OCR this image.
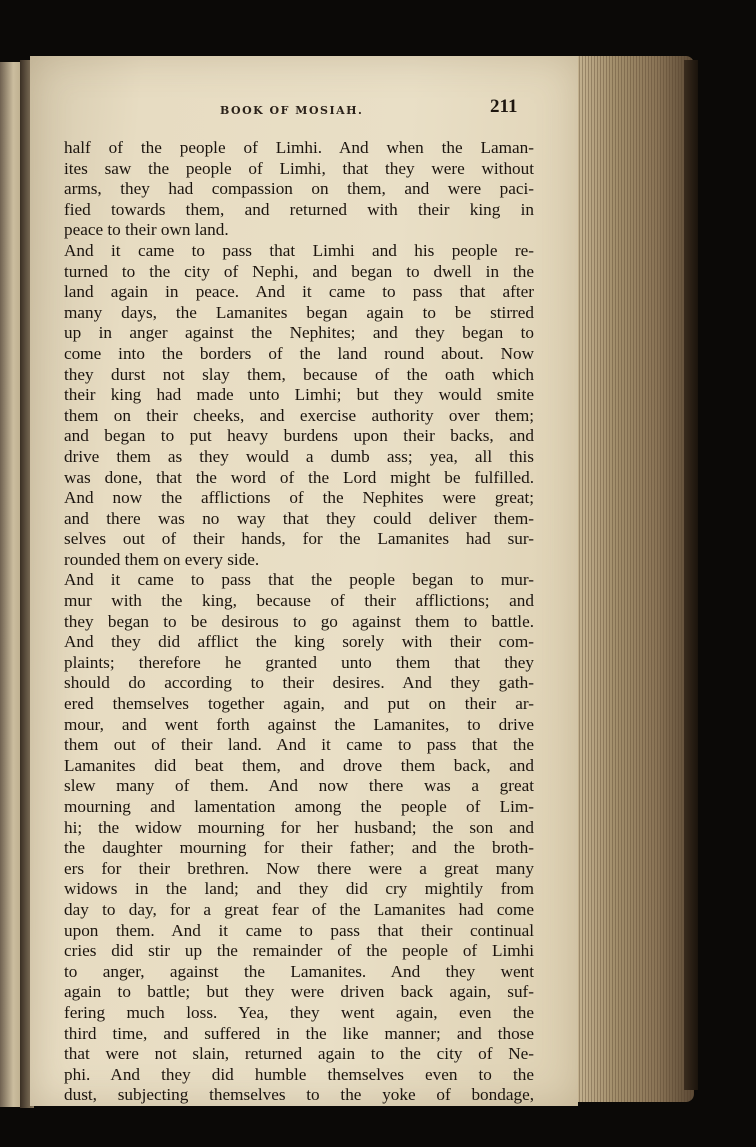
BOOK OF MOSIAH.	211
half of the people of Limhi. And when the Laman-
ites saw the people of Limhi, that they were without
arms, they had compassion on them, and were paci-
fied towards them, and returned with their king in
peace to their own land.
And it came to pass that Limhi and his people re-
turned to the city of Nephi, and began to dwell in the
land again in peace. And it came to pass that after
many days, the Lamanites began again to be stirred
up in anger against the Nephites; and they began to
come into the borders of the land round about. Now
they durst not slay them, because of the oath which
their king had made unto Limhi; but they would smite
them on their cheeks, and exercise authority over them;
and began to put heavy burdens upon their backs, and
drive them as they would a dumb ass; yea, all this
was done, that the word of the Lord might be fulfilled.
And now the afflictions of the Nephites were great;
and there was no way that they could deliver them-
selves out of their hands, for the Lamanites had sur-
rounded them on every side.
And it came to pass that the people began to mur-
mur with the king, because of their afflictions; and
they began to be desirous to go against them to battle.
And they did afflict the king sorely with their com-
plaints; therefore he granted unto them that they
should do according to their desires. And they gath-
ered themselves together again, and put on their ar-
mour, and went forth against the Lamanites, to drive
them out of their land. And it came to pass that the
Lamanites did beat them, and drove them back, and
slew many of them. And now there was a great
mourning and lamentation among the people of Lim-
hi; the widow mourning for her husband; the son and
the daughter mourning for their father; and the broth-
ers for their brethren. Now there were a great many
widows in the land; and they did cry mightily from
day to day, for a great fear of the Lamanites had come
upon them. And it came to pass that their continual
cries did stir up the remainder of the people of Limhi
to anger, against the Lamanites. And they went
again to battle; but they were driven back again, suf-
fering much loss. Yea, they went again, even the
third time, and suffered in the like manner; and those
that were not slain, returned again to the city of Ne-
phi. And they did humble themselves even to the
dust, subjecting themselves to the yoke of bondage,
